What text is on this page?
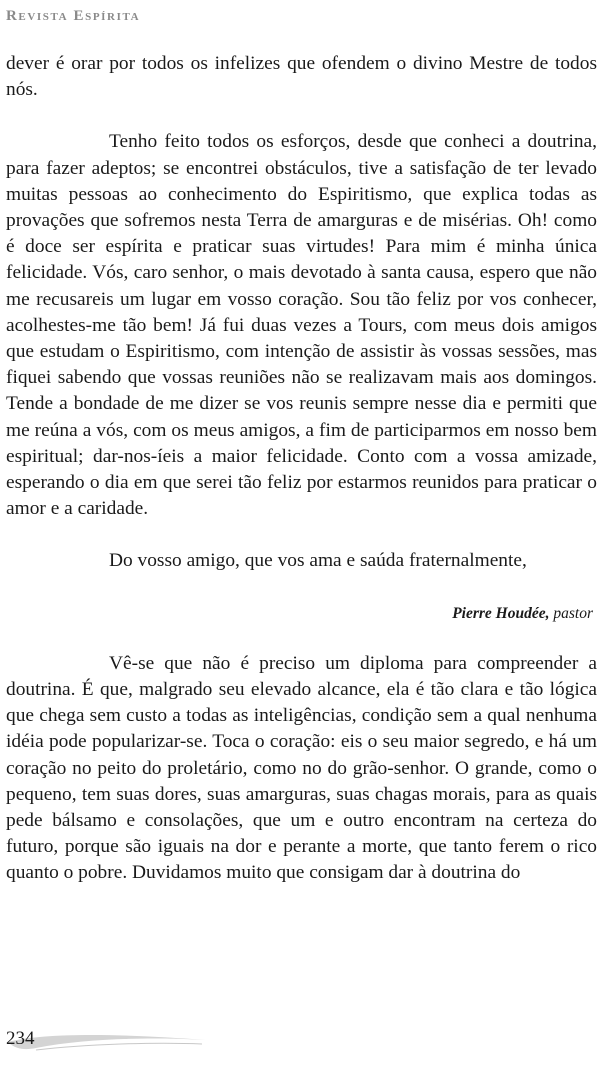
Revista Espírita

dever é orar por todos os infelizes que ofendem o divino Mestre de todos nós.

Tenho feito todos os esforços, desde que conheci a doutrina, para fazer adeptos; se encontrei obstáculos, tive a satisfação de ter levado muitas pessoas ao conhecimento do Espiritismo, que explica todas as provações que sofremos nesta Terra de amarguras e de misérias. Oh! como é doce ser espírita e praticar suas virtudes! Para mim é minha única felicidade. Vós, caro senhor, o mais devotado à santa causa, espero que não me recusareis um lugar em vosso coração. Sou tão feliz por vos conhecer, acolhestes-me tão bem! Já fui duas vezes a Tours, com meus dois amigos que estudam o Espiritismo, com intenção de assistir às vossas sessões, mas fiquei sabendo que vossas reuniões não se realizavam mais aos domingos. Tende a bondade de me dizer se vos reunis sempre nesse dia e permiti que me reúna a vós, com os meus amigos, a fim de participarmos em nosso bem espiritual; dar-nos-íeis a maior felicidade. Conto com a vossa amizade, esperando o dia em que serei tão feliz por estarmos reunidos para praticar o amor e a caridade.

Do vosso amigo, que vos ama e saúda fraternalmente,

Pierre Houdée, pastor

Vê-se que não é preciso um diploma para compreender a doutrina. É que, malgrado seu elevado alcance, ela é tão clara e tão lógica que chega sem custo a todas as inteligências, condição sem a qual nenhuma idéia pode popularizar-se. Toca o coração: eis o seu maior segredo, e há um coração no peito do proletário, como no do grão-senhor. O grande, como o pequeno, tem suas dores, suas amarguras, suas chagas morais, para as quais pede bálsamo e consolações, que um e outro encontram na certeza do futuro, porque são iguais na dor e perante a morte, que tanto ferem o rico quanto o pobre. Duvidamos muito que consigam dar à doutrina do

234
